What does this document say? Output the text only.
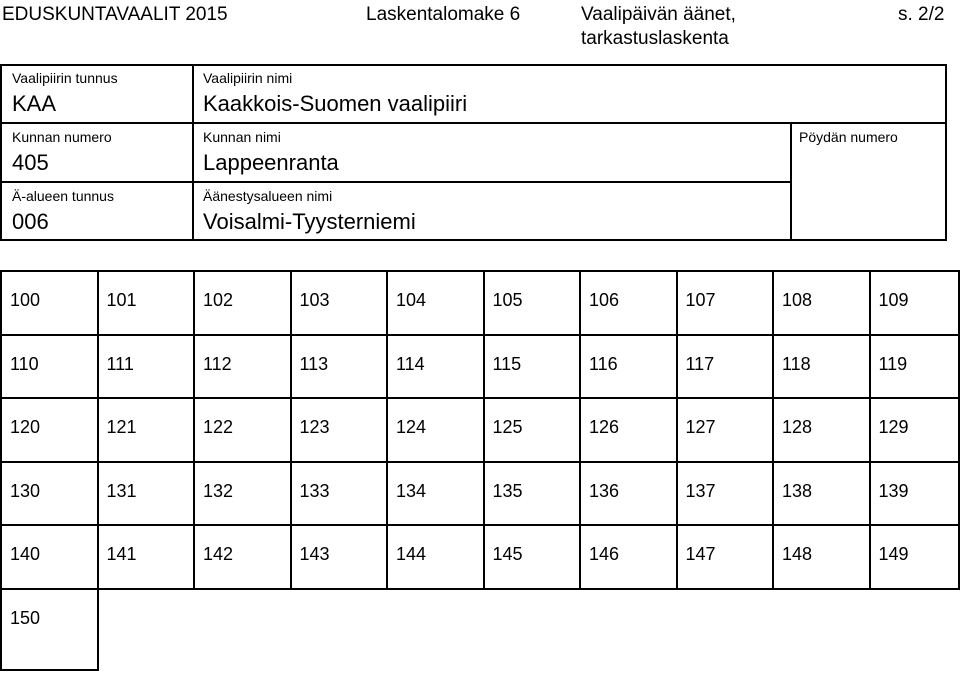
EDUSKUNTAVAALIT 2015	Laskentalomake 6	Vaalipäivän äänet,
tarkastuslaskenta
s. 2/2
Vaalipiirin tunnus
KAA
Vaalipiirin nimi
Kaakkois-Suomen vaalipiiri
Kunnan numero
405
Kunnan nimi
Lappeenranta
Pöydän numero
Ä-alueen tunnus
006
Äänestysalueen nimi
Voisalmi-Tyysterniemi
100	101	102	103	104	105	106	107	108	109
110	111	112	113	114	115	116	117	118	119
120	121	122	123	124	125	126	127	128	129
130	131	132	133	134	135	136	137	138	139
140	141	142	143	144	145	146	147	148	149
150
